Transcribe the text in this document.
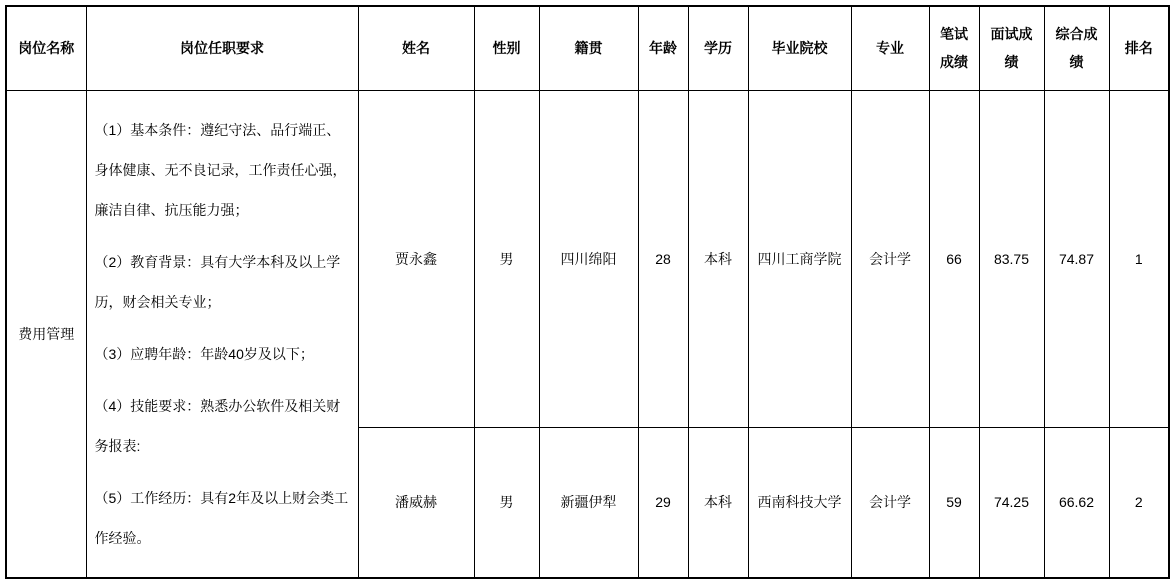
岗位名称	岗位任职要求	姓名	性别	籍贯	年龄	学历	毕业院校	专业	笔试成绩	面试成绩	综合成绩	排名
费用管理	（1）基本条件：遵纪守法、品行端正、身体健康、无不良记录，工作责任心强，廉洁自律、抗压能力强；

（2）教育背景：具有大学本科及以上学历，财会相关专业；

（3）应聘年龄：年龄40岁及以下；

（4）技能要求：熟悉办公软件及相关财务报表:

（5）工作经历：具有2年及以上财会类工作经验。	贾永鑫	男	四川绵阳	28	本科	四川工商学院	会计学	66	83.75	74.87	1
		潘威赫	男	新疆伊犁	29	本科	西南科技大学	会计学	59	74.25	66.62	2
